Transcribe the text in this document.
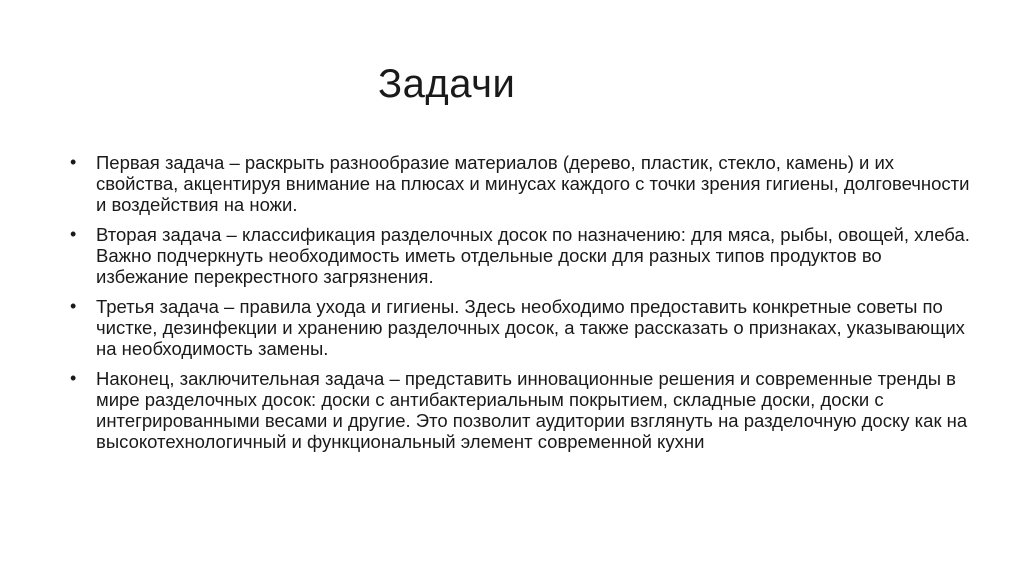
Задачи
•	Первая задача – раскрыть разнообразие материалов (дерево, пластик, стекло, камень) и их свойства, акцентируя внимание на плюсах и минусах каждого с точки зрения гигиены, долговечности и воздействия на ножи.
•	Вторая задача – классификация разделочных досок по назначению: для мяса, рыбы, овощей, хлеба. Важно подчеркнуть необходимость иметь отдельные доски для разных типов продуктов во избежание перекрестного загрязнения.
•	Третья задача – правила ухода и гигиены. Здесь необходимо предоставить конкретные советы по чистке, дезинфекции и хранению разделочных досок, а также рассказать о признаках, указывающих на необходимость замены.
•	Наконец, заключительная задача – представить инновационные решения и современные тренды в мире разделочных досок: доски с антибактериальным покрытием, складные доски, доски с интегрированными весами и другие. Это позволит аудитории взглянуть на разделочную доску как на высокотехнологичный и функциональный элемент современной кухни
